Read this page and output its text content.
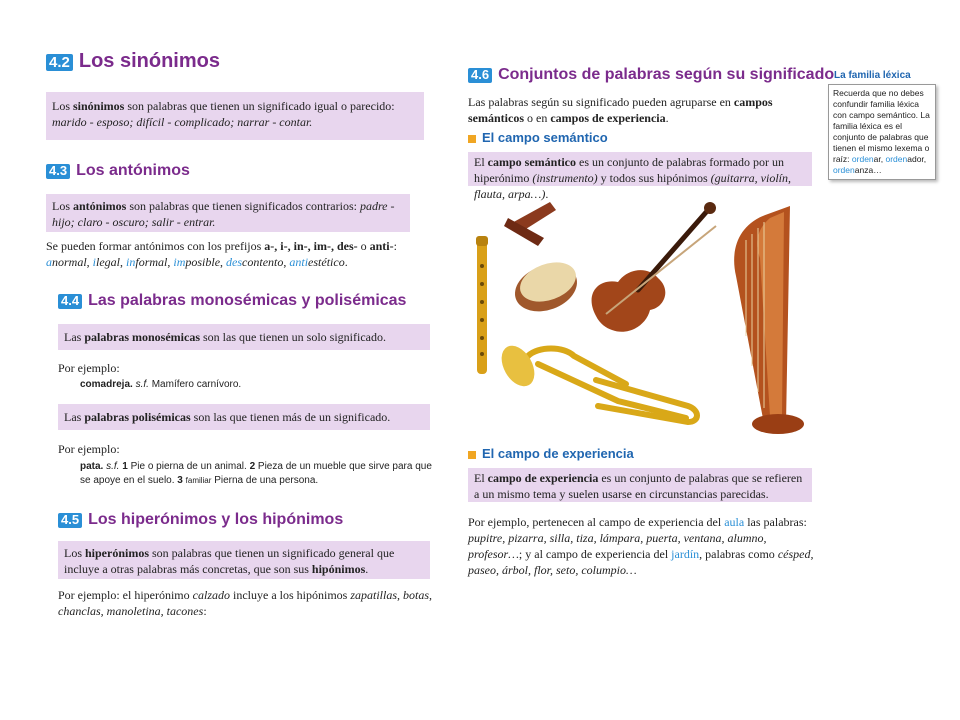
4.2 Los sinónimos
Los sinónimos son palabras que tienen un significado igual o parecido: marido - esposo; difícil - complicado; narrar - contar.
4.3 Los antónimos
Los antónimos son palabras que tienen significados contrarios: padre - hijo; claro - oscuro; salir - entrar.
Se pueden formar antónimos con los prefijos a-, i-, in-, im-, des- o anti-: anormal, ilegal, informal, imposible, descontento, antiestético.
4.4 Las palabras monosémicas y polisémicas
Las palabras monosémicas son las que tienen un solo significado.
Por ejemplo:
comadreja. s.f. Mamífero carnívoro.
Las palabras polisémicas son las que tienen más de un significado.
Por ejemplo:
pata. s.f. 1 Pie o pierna de un animal. 2 Pieza de un mueble que sirve para que se apoye en el suelo. 3 familiar Pierna de una persona.
4.5 Los hiperónimos y los hipónimos
Los hiperónimos son palabras que tienen un significado general que incluye a otras palabras más concretas, que son sus hipónimos.
Por ejemplo: el hiperónimo calzado incluye a los hipónimos zapatillas, botas, chanclas, manoletina, tacones:
4.6 Conjuntos de palabras según su significado
Las palabras según su significado pueden agruparse en campos semánticos o en campos de experiencia.
El campo semántico
El campo semántico es un conjunto de palabras formado por un hiperónimo (instrumento) y todos sus hipónimos (guitarra, violín, flauta, arpa…).
El campo de experiencia
El campo de experiencia es un conjunto de palabras que se refieren a un mismo tema y suelen usarse en circunstancias parecidas.
Por ejemplo, pertenecen al campo de experiencia del aula las palabras: pupitre, pizarra, silla, tiza, lámpara, puerta, ventana, alumno, profesor…; y al campo de experiencia del jardín, palabras como césped, paseo, árbol, flor, seto, columpio…
La familia léxica
Recuerda que no debes confundir familia léxica con campo semántico. La familia léxica es el conjunto de palabras que tienen el mismo lexema o raíz: ordenar, ordenador, ordenanza…
